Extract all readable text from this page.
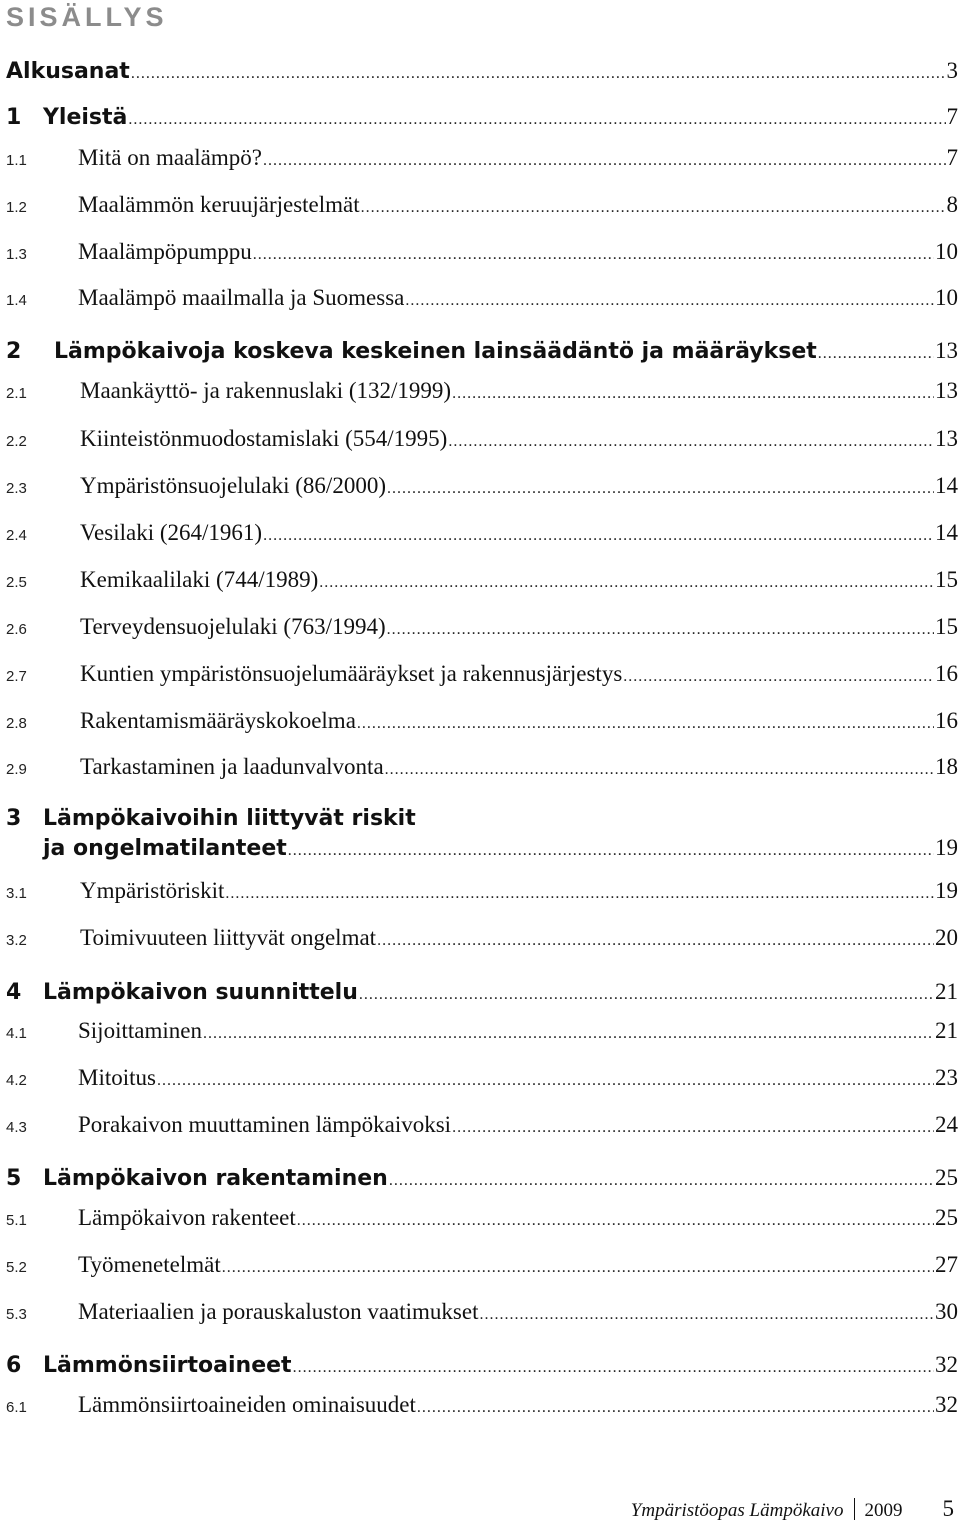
SISÄLLYS
Alkusanat .....	3
1 Yleistä .....	7
1.1	Mitä on maalämpö? .....	7
1.2	Maalämmön keruujärjestelmät .....	8
1.3	Maalämpöpumppu .....	10
1.4	Maalämpö maailmalla ja Suomessa .....	10
2	Lämpökaivoja koskeva keskeinen lainsäädäntö ja määräykset .....	13
2.1	Maankäyttö- ja rakennuslaki (132/1999) .....	13
2.2	Kiinteistönmuodostamislaki (554/1995) .....	13
2.3	Ympäristönsuojelulaki (86/2000) .....	14
2.4	Vesilaki (264/1961) .....	14
2.5	Kemikaalilaki (744/1989) .....	15
2.6	Terveydensuojelulaki (763/1994) .....	15
2.7	Kuntien ympäristönsuojelumääräykset ja rakennusjärjestys .....	16
2.8	Rakentamismääräyskokoelma .....	16
2.9	Tarkastaminen ja laadunvalvonta .....	18
3 Lämpökaivoihin liittyvät riskit
ja ongelmatilanteet .....	19
3.1	Ympäristöriskit .....	19
3.2	Toimivuuteen liittyvät ongelmat .....	20
4 Lämpökaivon suunnittelu .....	21
4.1	Sijoittaminen .....	21
4.2	Mitoitus .....	23
4.3	Porakaivon muuttaminen lämpökaivoksi .....	24
5 Lämpökaivon rakentaminen .....	25
5.1	Lämpökaivon rakenteet .....	25
5.2	Työmenetelmät .....	27
5.3	Materiaalien ja porauskaluston vaatimukset .....	30
6 Lämmönsiirtoaineet .....	32
6.1	Lämmönsiirtoaineiden ominaisuudet .....	32
Ympäristöopas Lämpökaivo 2009 5
